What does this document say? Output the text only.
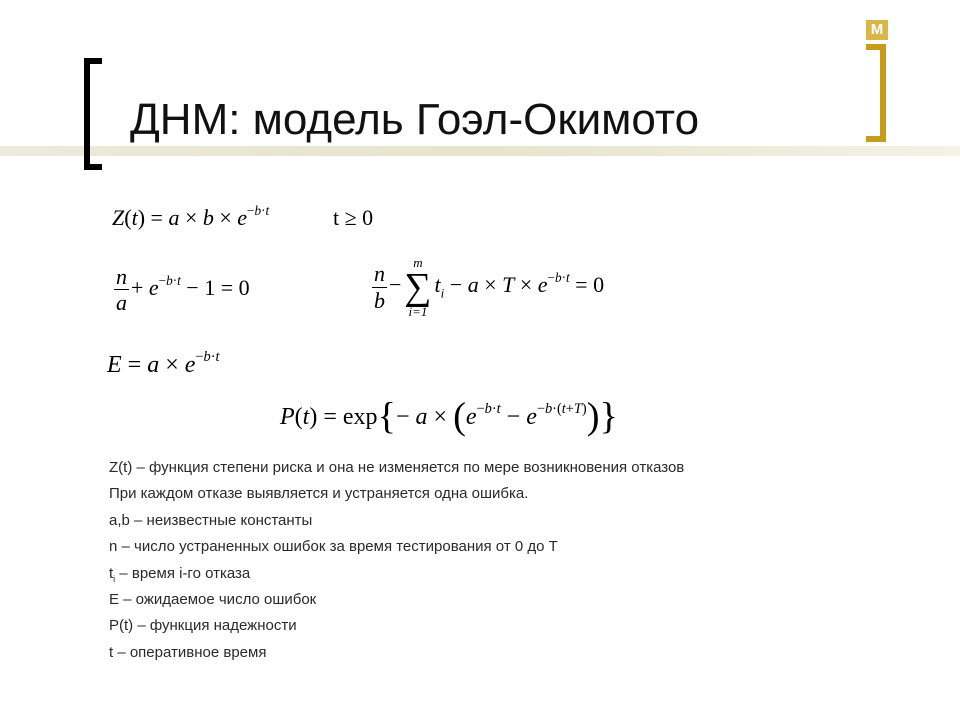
M
ДНМ: модель Гоэл-Окимото
$Z(t) = a \times b \times e^{-b\cdot t}$	t ≥ 0
$\frac{n}{a} + e^{-b\cdot t} - 1 = 0$	$\frac{n}{b}$ −
m
∑
i=1
$t_i - a \times T \times e^{-b\cdot t} = 0$
$E = a \times e^{-b\cdot t}$
$P(t) = \exp\{- a \times (e^{-b\cdot t} - e^{-b\cdot(t+T)})\}$
Z(t) – функция степени риска и она не изменяется по мере возникновения отказов
При каждом отказе выявляется и устраняется одна ошибка.
a,b – неизвестные константы
n – число устраненных ошибок за время тестирования от 0 до T
$t_i$ – время i-го отказа
E – ожидаемое число ошибок
P(t) – функция надежности
t – оперативное время
